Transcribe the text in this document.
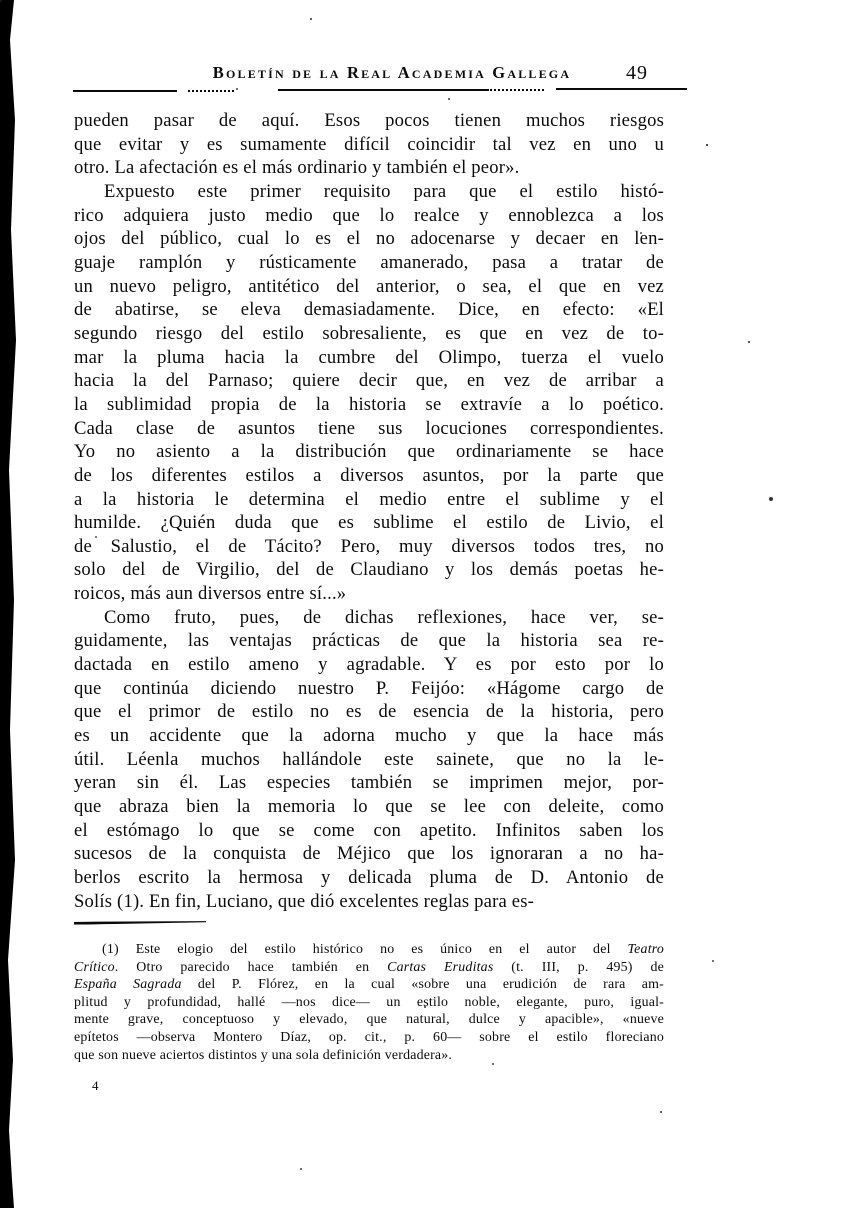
Boletín de la Real Academia Gallega	49
pueden pasar de aquí. Esos pocos tienen muchos riesgos
que evitar y es sumamente difícil coincidir tal vez en uno u
otro. La afectación es el más ordinario y también el peor».
Expuesto este primer requisito para que el estilo histó-
rico adquiera justo medio que lo realce y ennoblezca a los
ojos del público, cual lo es el no adocenarse y decaer en len-
guaje ramplón y rústicamente amanerado, pasa a tratar de
un nuevo peligro, antitético del anterior, o sea, el que en vez
de abatirse, se eleva demasiadamente. Dice, en efecto: «El
segundo riesgo del estilo sobresaliente, es que en vez de to-
mar la pluma hacia la cumbre del Olimpo, tuerza el vuelo
hacia la del Parnaso; quiere decir que, en vez de arribar a
la sublimidad propia de la historia se extravíe a lo poético.
Cada clase de asuntos tiene sus locuciones correspondientes.
Yo no asiento a la distribución que ordinariamente se hace
de los diferentes estilos a diversos asuntos, por la parte que
a la historia le determina el medio entre el sublime y el
humilde. ¿Quién duda que es sublime el estilo de Livio, el
de Salustio, el de Tácito? Pero, muy diversos todos tres, no
solo del de Virgilio, del de Claudiano y los demás poetas he-
roicos, más aun diversos entre sí...»
Como fruto, pues, de dichas reflexiones, hace ver, se-
guidamente, las ventajas prácticas de que la historia sea re-
dactada en estilo ameno y agradable. Y es por esto por lo
que continúa diciendo nuestro P. Feijóo: «Hágome cargo de
que el primor de estilo no es de esencia de la historia, pero
es un accidente que la adorna mucho y que la hace más
útil. Léenla muchos hallándole este sainete, que no la le-
yeran sin él. Las especies también se imprimen mejor, por-
que abraza bien la memoria lo que se lee con deleite, como
el estómago lo que se come con apetito. Infinitos saben los
sucesos de la conquista de Méjico que los ignoraran a no ha-
berlos escrito la hermosa y delicada pluma de D. Antonio de
Solís (1). En fin, Luciano, que dió excelentes reglas para es-
(1) Este elogio del estilo histórico no es único en el autor del Teatro
Crítico. Otro parecido hace también en Cartas Eruditas (t. III, p. 495) de
España Sagrada del P. Flórez, en la cual «sobre una erudición de rara am-
plitud y profundidad, hallé —nos dice— un estilo noble, elegante, puro, igual-
mente grave, conceptuoso y elevado, que natural, dulce y apacible», «nueve
epítetos —observa Montero Díaz, op. cit., p. 60— sobre el estilo floreciano
que son nueve aciertos distintos y una sola definición verdadera».
4
